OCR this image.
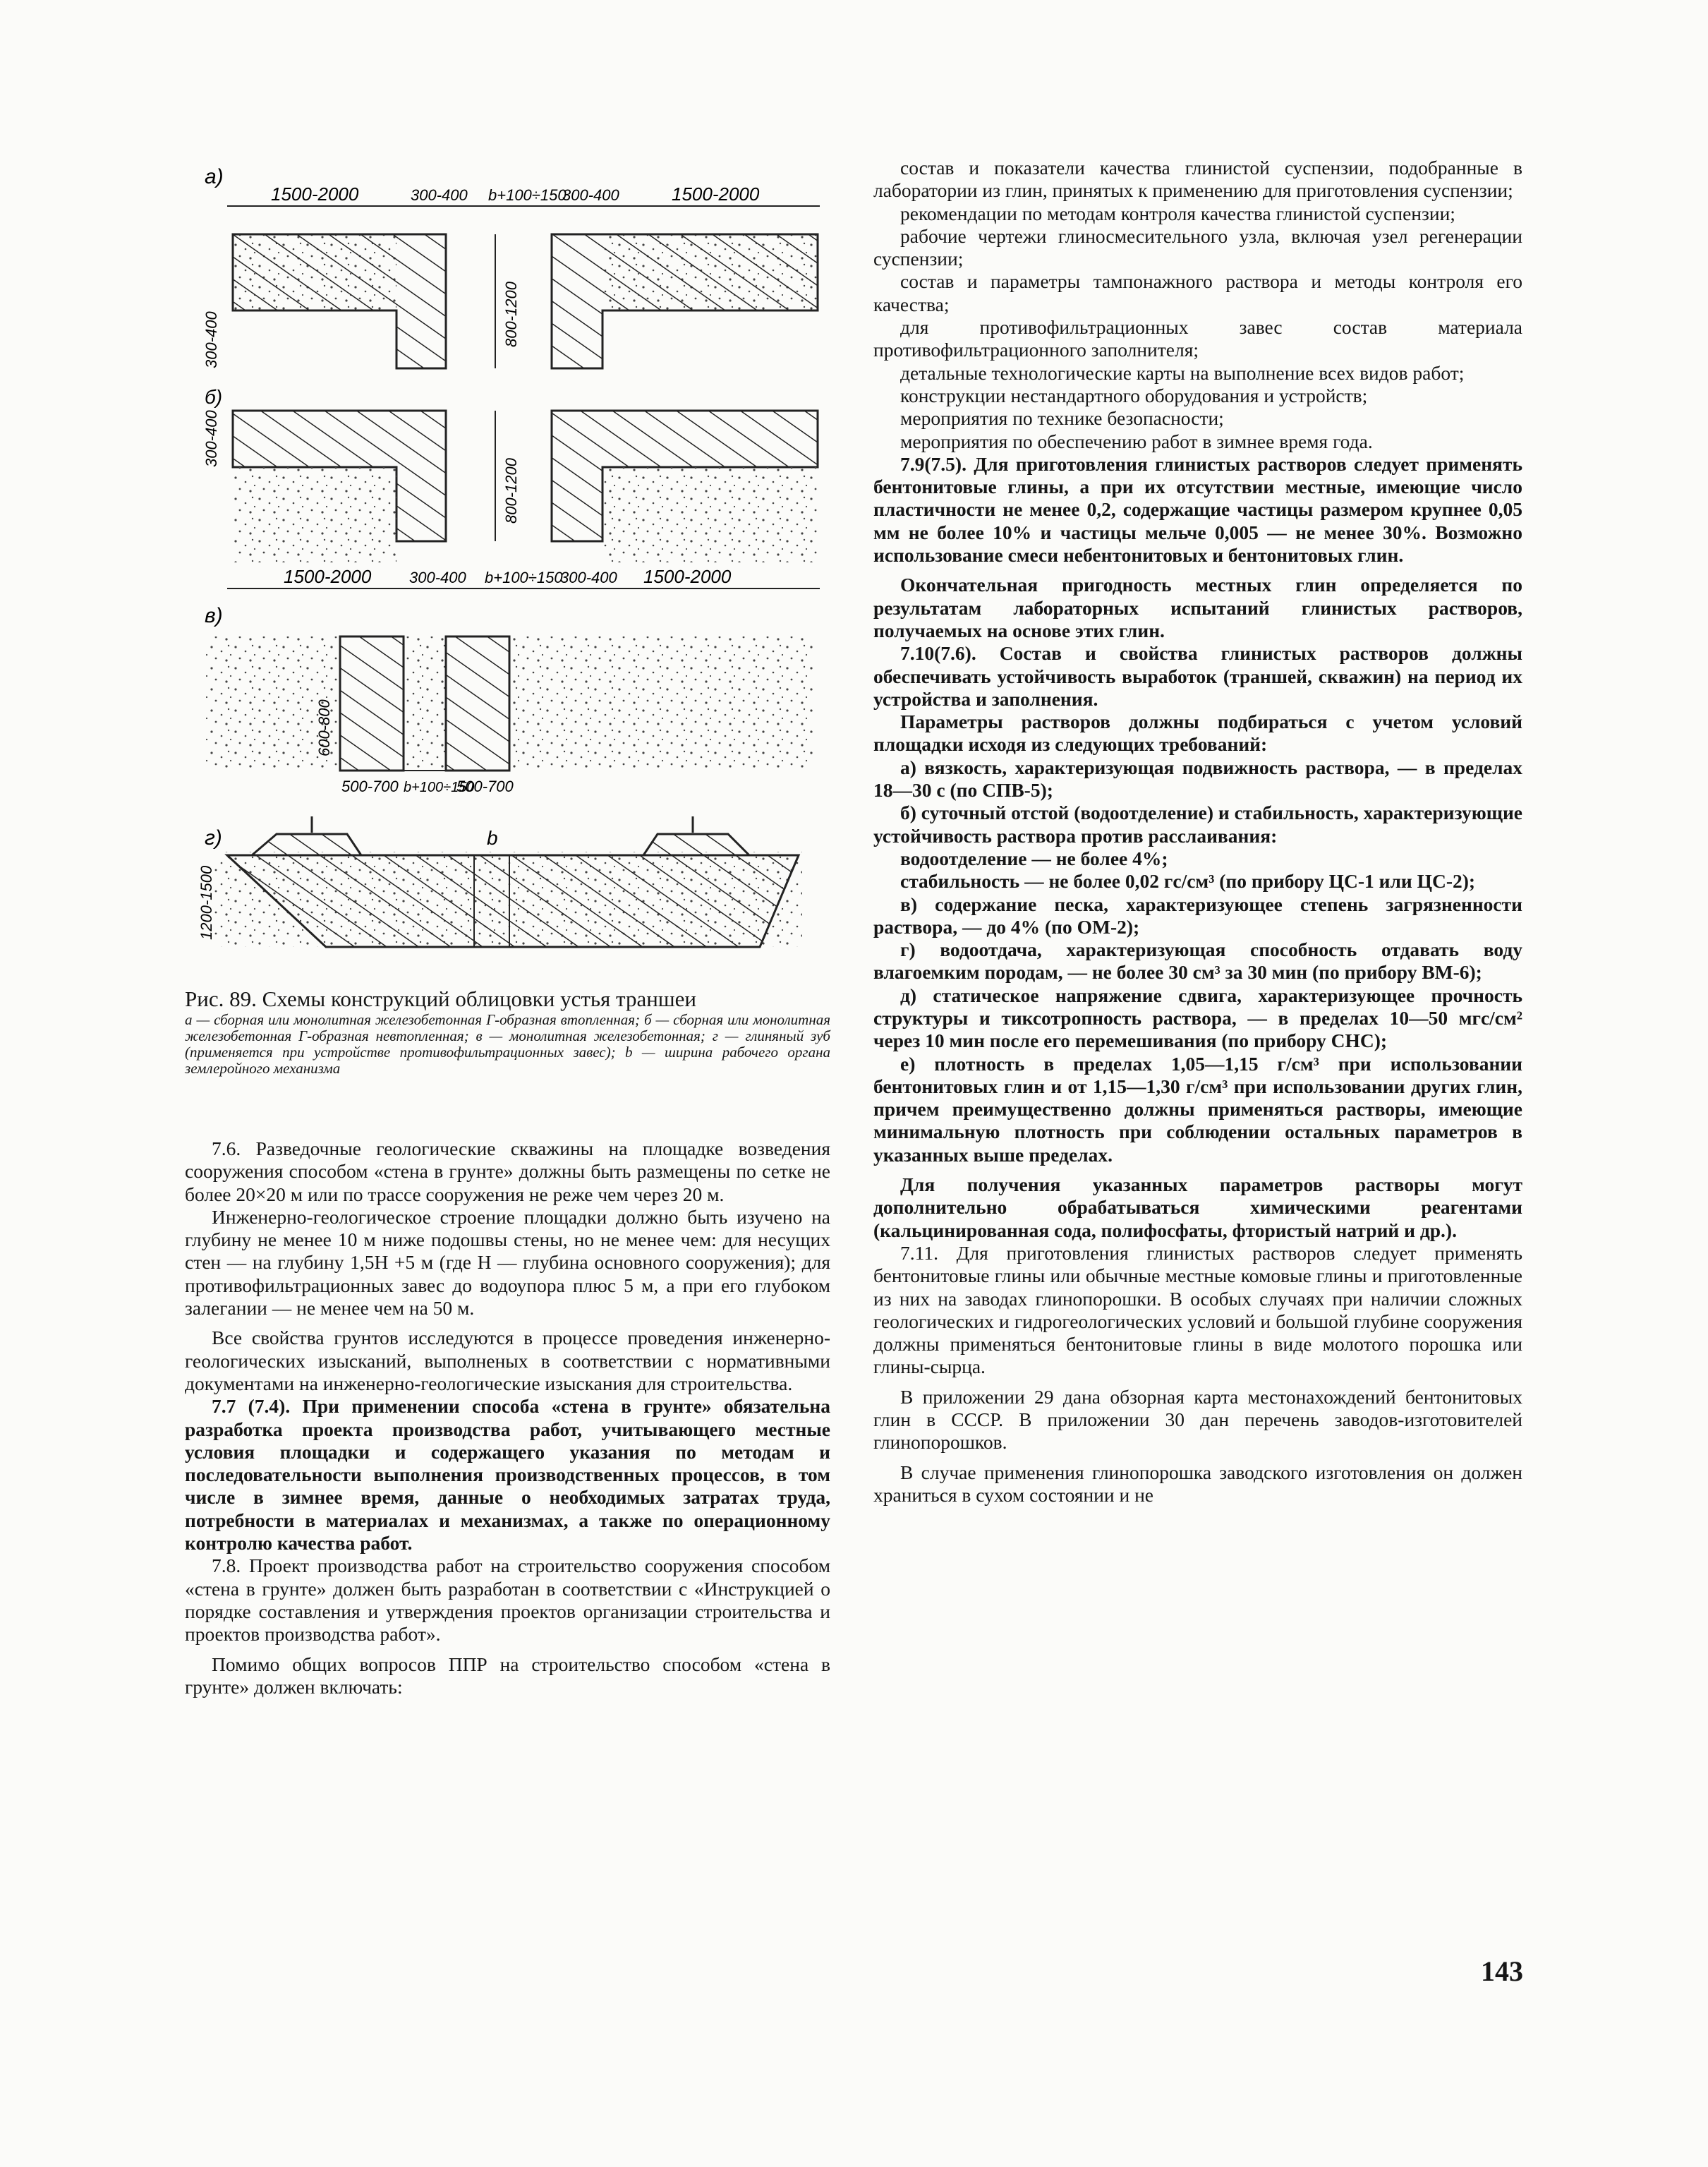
а)
1500-2000	300-400 b+100÷150
300-400	1500-2000
800-1200
300-400
б)
800-1200
300-400
1500-2000 300-400 b+100÷150
300-400 1500-2000
в)
600-800
500-700 b+100÷150
500-700
г)	b
1200-1500
Рис. 89. Схемы конструкций облицовки устья траншеи
а — сборная или монолитная железобетонная Г-образная втопленная; б — сборная или монолитная железобетонная Г-образная невтопленная; в — монолитная железобетонная; г — глиняный зуб (применяется при устройстве противофильтрационных завес); b — ширина рабочего органа землеройного механизма

7.6. Разведочные геологические скважины на площадке возведения сооружения способом «стена в грунте» должны быть размещены по сетке не более 20×20 м или по трассе сооружения не реже чем через 20 м.

Инженерно-геологическое строение площадки должно быть изучено на глубину не менее 10 м ниже подошвы стены, но не менее чем: для несущих стен — на глубину 1,5H +5 м (где H — глубина основного сооружения); для противофильтрационных завес до водоупора плюс 5 м, а при его глубоком залегании — не менее чем на 50 м.

Все свойства грунтов исследуются в процессе проведения инженерно-геологических изысканий, выполненых в соответствии с нормативными документами на инженерно-геологические изыскания для строительства.

7.7 (7.4). При применении способа «стена в грунте» обязательна разработка проекта производства работ, учитывающего местные условия площадки и содержащего указания по методам и последовательности выполнения производственных процессов, в том числе в зимнее время, данные о необходимых затратах труда, потребности в материалах и механизмах, а также по операционному контролю качества работ.

7.8. Проект производства работ на строительство сооружения способом «стена в грунте» должен быть разработан в соответствии с «Инструкцией о порядке составления и утверждения проектов организации строительства и проектов производства работ».

Помимо общих вопросов ППР на строительство способом «стена в грунте» должен включать:

состав и показатели качества глинистой суспензии, подобранные в лаборатории из глин, принятых к применению для приготовления суспензии;

рекомендации по методам контроля качества глинистой суспензии;

рабочие чертежи глиносмесительного узла, включая узел регенерации суспензии;

состав и параметры тампонажного раствора и методы контроля его качества;

для противофильтрационных завес состав материала противофильтрационного заполнителя;

детальные технологические карты на выполнение всех видов работ;

конструкции нестандартного оборудования и устройств;

мероприятия по технике безопасности;

мероприятия по обеспечению работ в зимнее время года.

7.9(7.5). Для приготовления глинистых растворов следует применять бентонитовые глины, а при их отсутствии местные, имеющие число пластичности не менее 0,2, содержащие частицы размером крупнее 0,05 мм не более 10% и частицы мельче 0,005 — не менее 30%. Возможно использование смеси небентонитовых и бентонитовых глин.

Окончательная пригодность местных глин определяется по результатам лабораторных испытаний глинистых растворов, получаемых на основе этих глин.

7.10(7.6). Состав и свойства глинистых растворов должны обеспечивать устойчивость выработок (траншей, скважин) на период их устройства и заполнения.

Параметры растворов должны подбираться с учетом условий площадки исходя из следующих требований:

а) вязкость, характеризующая подвижность раствора, — в пределах 18—30 с (по СПВ-5);

б) суточный отстой (водоотделение) и стабильность, характеризующие устойчивость раствора против расслаивания:

водоотделение — не более 4%;

стабильность — не более 0,02 гс/см³ (по прибору ЦС-1 или ЦС-2);

в) содержание песка, характеризующее степень загрязненности раствора, — до 4% (по ОМ-2);

г) водоотдача, характеризующая способность отдавать воду влагоемким породам, — не более 30 см³ за 30 мин (по прибору ВМ-6);

д) статическое напряжение сдвига, характеризующее прочность структуры и тиксотропность раствора, — в пределах 10—50 мгс/см² через 10 мин после его перемешивания (по прибору СНС);

е) плотность в пределах 1,05—1,15 г/см³ при использовании бентонитовых глин и от 1,15—1,30 г/см³ при использовании других глин, причем преимущественно должны применяться растворы, имеющие минимальную плотность при соблюдении остальных параметров в указанных выше пределах.

Для получения указанных параметров растворы могут дополнительно обрабатываться химическими реагентами (кальцинированная сода, полифосфаты, фтористый натрий и др.).

7.11. Для приготовления глинистых растворов следует применять бентонитовые глины или обычные местные комовые глины и приготовленные из них на заводах глинопорошки. В особых случаях при наличии сложных геологических и гидрогеологических условий и большой глубине сооружения должны применяться бентонитовые глины в виде молотого порошка или глины-сырца.

В приложении 29 дана обзорная карта местонахождений бентонитовых глин в СССР. В приложении 30 дан перечень заводов-изготовителей глинопорошков.

В случае применения глинопорошка заводского изготовления он должен храниться в сухом состоянии и не

143
